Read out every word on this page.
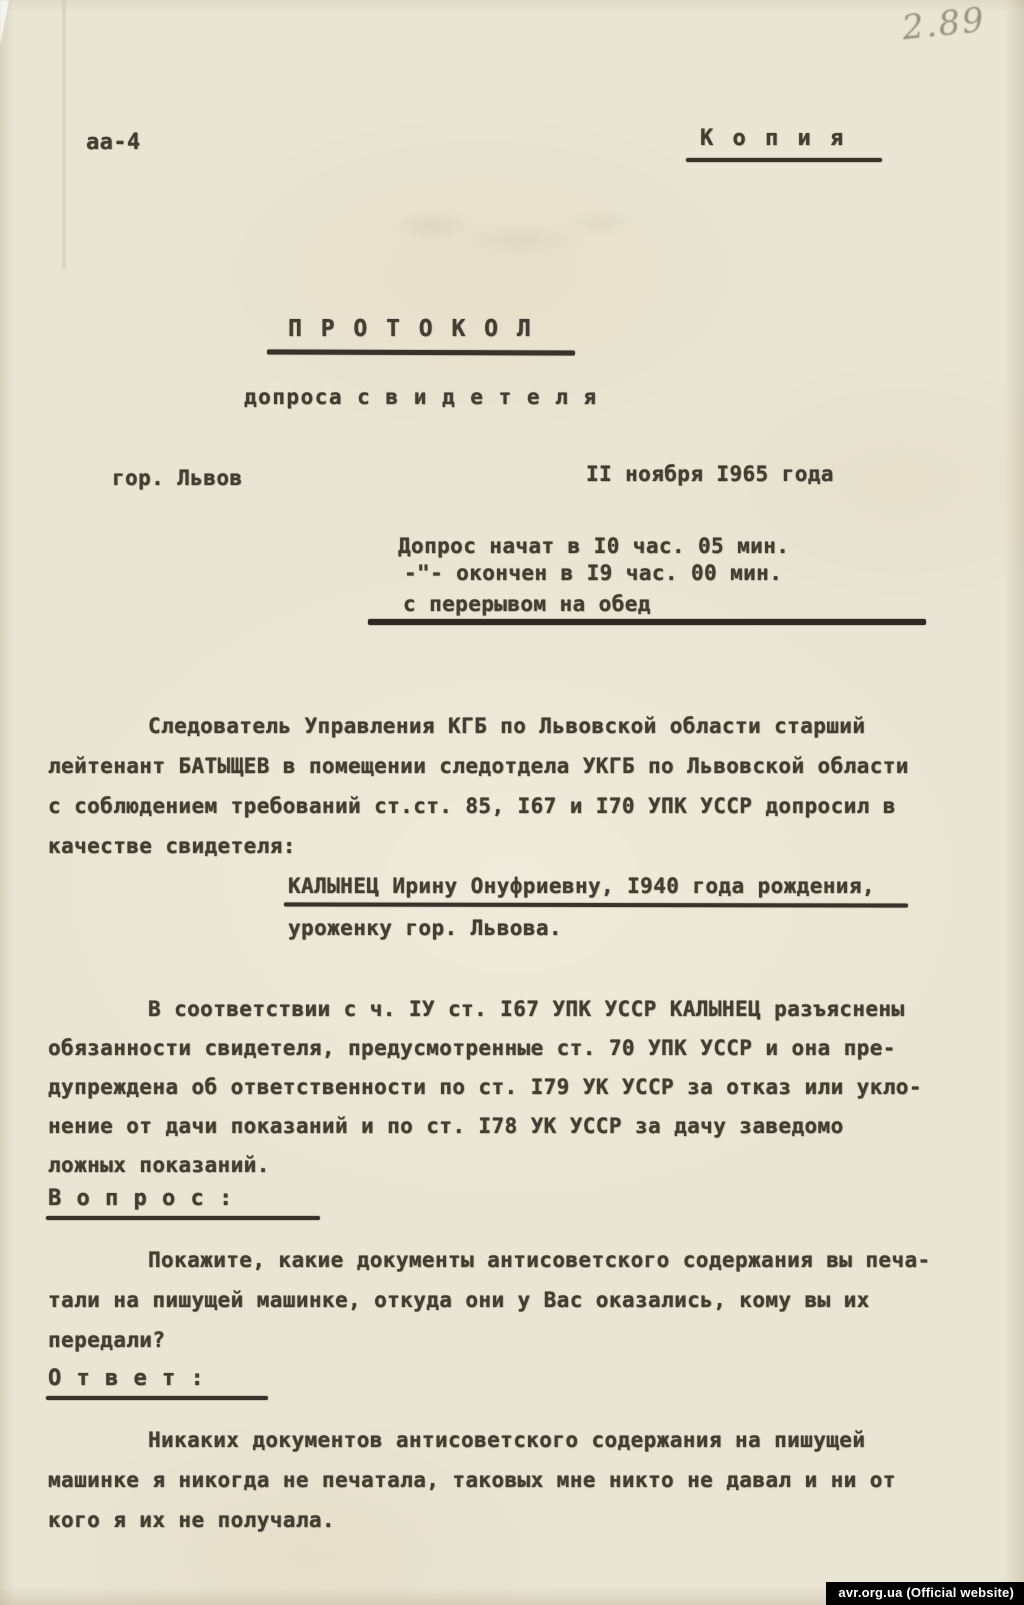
2.89
аа-4	К о п и я
П Р О Т О К О Л
допроса с в и д е т е л я
гор. Львов	II ноября I965 года
Допрос начат в I0 час. 05 мин.
-"- окончен в I9 час. 00 мин.
с перерывом на обед
Следователь Управления КГБ по Львовской области старший
лейтенант БАТЫЩЕВ в помещении следотдела УКГБ по Львовской области
с соблюдением требований ст.ст. 85, I67 и I70 УПК УССР допросил в
качестве свидетеля:
КАЛЫНЕЦ Ирину Онуфриевну, I940 года рождения,
уроженку гор. Львова.
В соответствии с ч. IУ ст. I67 УПК УССР КАЛЫНЕЦ разъяснены
обязанности свидетеля, предусмотренные ст. 70 УПК УССР и она пре-
дупреждена об ответственности по ст. I79 УК УССР за отказ или укло-
нение от дачи показаний и по ст. I78 УК УССР за дачу заведомо
ложных показаний.
В о п р о с :
Покажите, какие документы антисоветского содержания вы печа-
тали на пишущей машинке, откуда они у Вас оказались, кому вы их
передали?
О т в е т :
Никаких документов антисоветского содержания на пишущей
машинке я никогда не печатала, таковых мне никто не давал и ни от
кого я их не получала.
avr.org.ua (Official website)
